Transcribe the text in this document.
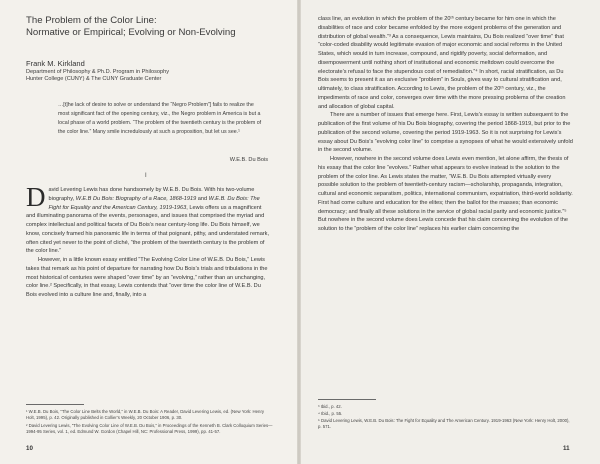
The Problem of the Color Line:
Normative or Empirical; Evolving or Non-Evolving
Frank M. Kirkland
Department of Philosophy & Ph.D. Program in Philosophy
Hunter College (CUNY) & The CUNY Graduate Center
…[t]he lack of desire to solve or understand the “Negro Problem”] fails to realize the most significant fact of the opening century, viz., the Negro problem in America is but a local phase of a world problem. “The problem of the twentieth century is the problem of the color line.” Many smile incredulously at such a proposition, but let us see.¹
W.E.B. Du Bois
I

David Levering Lewis has done handsomely by W.E.B. Du Bois. With his two-volume biography, W.E.B Du Bois: Biography of a Race, 1868-1919 and W.E.B. Du Bois: The Fight for Equality and the American Century, 1919-1963, Lewis offers us a magnificent and illuminating panorama of the events, personages, and issues that comprised the myriad and complex intellectual and political facets of Du Bois’s near century-long life. Du Bois himself, we know, concisely framed his panoramic life in terms of that poignant, pithy, and understated remark, often cited yet never to the point of cliché, “the problem of the twentieth century is the problem of the color line.”

However, in a little known essay entitled “The Evolving Color Line of W.E.B. Du Bois,” Lewis takes that remark as his point of departure for narrating how Du Bois’s trials and tribulations in the most historical of centuries were shaped “over time” by an “evolving,” rather than an unchanging, color line.² Specifically, in that essay, Lewis contends that “over time the color line of W.E.B. Du Bois evolved into a culture line and, finally, into a

¹ W.E.B. Du Bois, “The Color Line Belts the World,” in W.E.B. Du Bois: A Reader, David Levering Lewis, ed. (New York: Henry Holt, 1995), p. 42. Originally published in Collier’s Weekly, 20 October 1906, p. 30.

² David Levering Lewis, “The Evolving Color Line of W.E.B. Du Bois,” in Proceedings of the Kenneth B. Clark Colloquium Series—1994-95 Series, vol. 1, ed. Edmund W. Gordon (Chapel Hill, NC: Professional Press, 1999), pp. 41-57.

10

class line, an evolution in which the problem of the 20ᵗʰ century became for him one in which the disabilities of race and color became enfolded by the more exigent problems of the generation and distribution of global wealth.”³ As a consequence, Lewis maintains, Du Bois realized “over time” that “color-coded disability would legitimate evasion of major economic and social reforms in the United States, which would in turn increase, compound, and rigidify poverty, social deformation, and disempowerment until nothing short of institutional and economic meltdown could overcome the electorate’s refusal to face the stupendous cost of remediation.”⁴ In short, racial stratification, as Du Bois seems to present it as an exclusive “problem” in Souls, gives way to cultural stratification and, ultimately, to class stratification. According to Lewis, the problem of the 20ᵗʰ century, viz., the impediments of race and color, converges over time with the more pressing problems of the creation and allocation of global capital.

There are a number of issues that emerge here. First, Lewis’s essay is written subsequent to the publication of the first volume of his Du Bois biography, covering the period 1868-1919, but prior to the publication of the second volume, covering the period 1919-1963. So it is not surprising for Lewis’s essay about Du Bois’s “evolving color line” to comprise a synopses of what he would extensively unfold in the second volume.

However, nowhere in the second volume does Lewis even mention, let alone affirm, the thesis of his essay that the color line “evolves.” Rather what appears to evolve instead is the solution to the problem of the color line. As Lewis states the matter, “W.E.B. Du Bois attempted virtually every possible solution to the problem of twentieth-century racism—scholarship, propaganda, integration, cultural and economic separatism, politics, international communism, expatriation, third-world solidarity. First had come culture and education for the elites; then the ballot for the masses; than economic democracy; and finally all these solutions in the service of global racial parity and economic justice.”⁵ But nowhere in the second volume does Lewis concede that his claim concerning the evolution of the solution to the “problem of the color line” replaces his earlier claim concerning the

³ Ibid., p. 42.

⁴ Ibid., p. 55.

⁵ David Levering Lewis, W.E.B. Du Bois: The Fight for Equality and The American Century. 1919-1963 (New York: Henry Holt, 2000), p. 571.

11
